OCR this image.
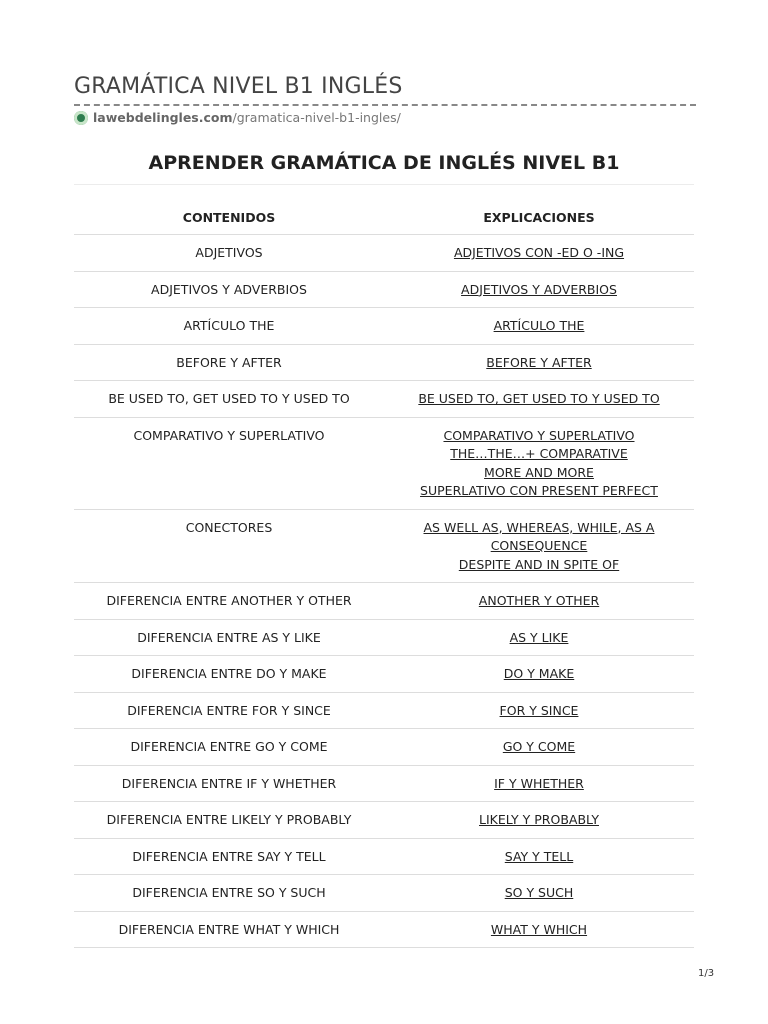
GRAMÁTICA NIVEL B1 INGLÉS
lawebdelingles.com /gramatica-nivel-b1-ingles/
APRENDER GRAMÁTICA DE INGLÉS NIVEL B1
CONTENIDOS	EXPLICACIONES
ADJETIVOS	ADJETIVOS CON -ED O -ING

ADJETIVOS Y ADVERBIOS	ADJETIVOS Y ADVERBIOS

ARTÍCULO THE	ARTÍCULO THE

BEFORE Y AFTER	BEFORE Y AFTER

BE USED TO, GET USED TO Y USED TO	BE USED TO, GET USED TO Y USED TO

COMPARATIVO Y SUPERLATIVO	COMPARATIVO Y SUPERLATIVO
THE…THE…+ COMPARATIVE
MORE AND MORE
SUPERLATIVO CON PRESENT PERFECT

CONECTORES	AS WELL AS, WHEREAS, WHILE, AS A CONSEQUENCE
DESPITE AND IN SPITE OF

DIFERENCIA ENTRE ANOTHER Y OTHER	ANOTHER Y OTHER

DIFERENCIA ENTRE AS Y LIKE	AS Y LIKE

DIFERENCIA ENTRE DO Y MAKE	DO Y MAKE

DIFERENCIA ENTRE FOR Y SINCE	FOR Y SINCE

DIFERENCIA ENTRE GO Y COME	GO Y COME

DIFERENCIA ENTRE IF Y WHETHER	IF Y WHETHER

DIFERENCIA ENTRE LIKELY Y PROBABLY	LIKELY Y PROBABLY

DIFERENCIA ENTRE SAY Y TELL	SAY Y TELL

DIFERENCIA ENTRE SO Y SUCH	SO Y SUCH

DIFERENCIA ENTRE WHAT Y WHICH	WHAT Y WHICH
1/3
